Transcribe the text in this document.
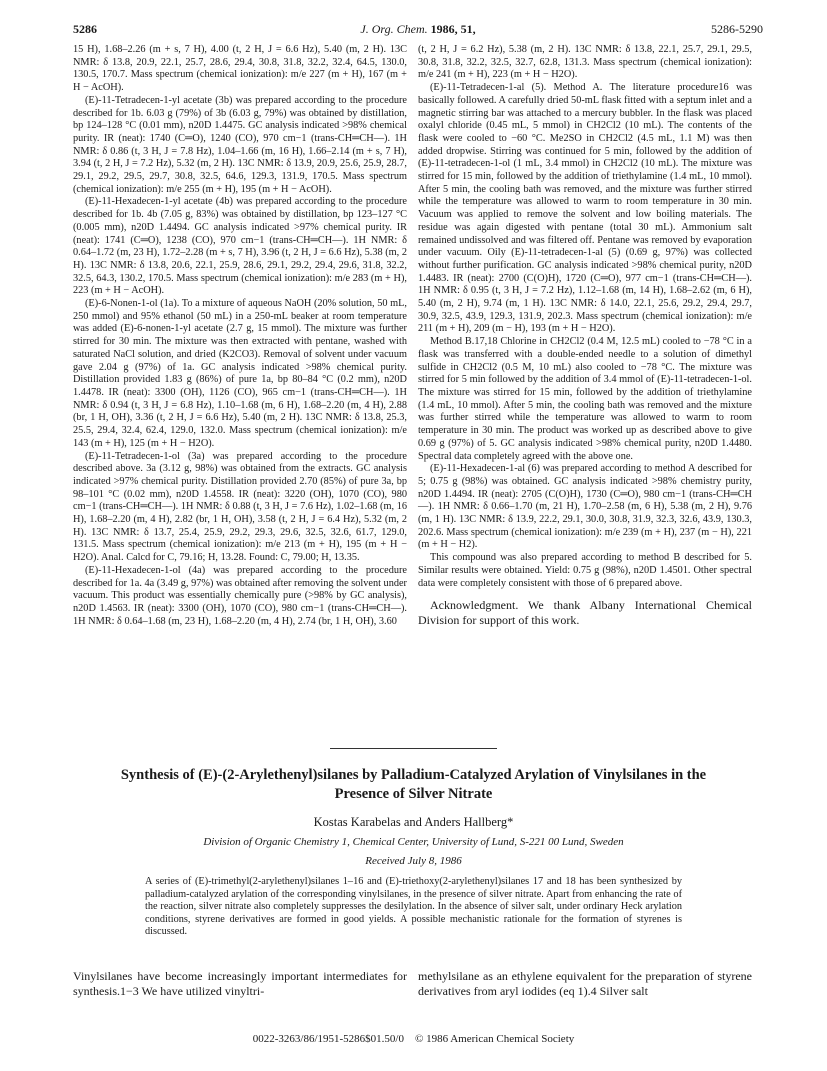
5286	J. Org. Chem. 1986, 51,	5286-5290

15 H), 1.68–2.26 (m + s, 7 H), 4.00 (t, 2 H, J = 6.6 Hz), 5.40 (m, 2 H). 13C NMR: δ 13.8, 20.9, 22.1, 25.7, 28.6, 29.4, 30.8, 31.8, 32.2, 32.4, 64.5, 130.0, 130.5, 170.7. Mass spectrum (chemical ionization): m/e 227 (m + H), 167 (m + H − AcOH).

(E)-11-Tetradecen-1-yl acetate (3b) was prepared according to the procedure described for 1b. 6.03 g (79%) of 3b (6.03 g, 79%) was obtained by distillation, bp 124–128 °C (0.01 mm), n20D 1.4475. GC analysis indicated >98% chemical purity. IR (neat): 1740 (C═O), 1240 (CO), 970 cm−1 (trans-CH═CH—). 1H NMR: δ 0.86 (t, 3 H, J = 7.8 Hz), 1.04–1.66 (m, 16 H), 1.66–2.14 (m + s, 7 H), 3.94 (t, 2 H, J = 7.2 Hz), 5.32 (m, 2 H). 13C NMR: δ 13.9, 20.9, 25.6, 25.9, 28.7, 29.1, 29.2, 29.5, 29.7, 30.8, 32.5, 64.6, 129.3, 131.9, 170.5. Mass spectrum (chemical ionization): m/e 255 (m + H), 195 (m + H − AcOH).

(E)-11-Hexadecen-1-yl acetate (4b) was prepared according to the procedure described for 1b. 4b (7.05 g, 83%) was obtained by distillation, bp 123–127 °C (0.005 mm), n20D 1.4494. GC analysis indicated >97% chemical purity. IR (neat): 1741 (C═O), 1238 (CO), 970 cm−1 (trans-CH═CH—). 1H NMR: δ 0.64–1.72 (m, 23 H), 1.72–2.28 (m + s, 7 H), 3.96 (t, 2 H, J = 6.6 Hz), 5.38 (m, 2 H). 13C NMR: δ 13.8, 20.6, 22.1, 25.9, 28.6, 29.1, 29.2, 29.4, 29.6, 31.8, 32.2, 32.5, 64.3, 130.2, 170.5. Mass spectrum (chemical ionization): m/e 283 (m + H), 223 (m + H − AcOH).

(E)-6-Nonen-1-ol (1a). To a mixture of aqueous NaOH (20% solution, 50 mL, 250 mmol) and 95% ethanol (50 mL) in a 250-mL beaker at room temperature was added (E)-6-nonen-1-yl acetate (2.7 g, 15 mmol). The mixture was further stirred for 30 min. The mixture was then extracted with pentane, washed with saturated NaCl solution, and dried (K2CO3). Removal of solvent under vacuum gave 2.04 g (97%) of 1a. GC analysis indicated >98% chemical purity. Distillation provided 1.83 g (86%) of pure 1a, bp 80–84 °C (0.2 mm), n20D 1.4478. IR (neat): 3300 (OH), 1126 (CO), 965 cm−1 (trans-CH═CH—). 1H NMR: δ 0.94 (t, 3 H, J = 6.8 Hz), 1.10–1.68 (m, 6 H), 1.68–2.20 (m, 4 H), 2.88 (br, 1 H, OH), 3.36 (t, 2 H, J = 6.6 Hz), 5.40 (m, 2 H). 13C NMR: δ 13.8, 25.3, 25.5, 29.4, 32.4, 62.4, 129.0, 132.0. Mass spectrum (chemical ionization): m/e 143 (m + H), 125 (m + H − H2O).

(E)-11-Tetradecen-1-ol (3a) was prepared according to the procedure described above. 3a (3.12 g, 98%) was obtained from the extracts. GC analysis indicated >97% chemical purity. Distillation provided 2.70 (85%) of pure 3a, bp 98–101 °C (0.02 mm), n20D 1.4558. IR (neat): 3220 (OH), 1070 (CO), 980 cm−1 (trans-CH═CH—). 1H NMR: δ 0.88 (t, 3 H, J = 7.6 Hz), 1.02–1.68 (m, 16 H), 1.68–2.20 (m, 4 H), 2.82 (br, 1 H, OH), 3.58 (t, 2 H, J = 6.4 Hz), 5.32 (m, 2 H). 13C NMR: δ 13.7, 25.4, 25.9, 29.2, 29.3, 29.6, 32.5, 32.6, 61.7, 129.0, 131.5. Mass spectrum (chemical ionization): m/e 213 (m + H), 195 (m + H − H2O). Anal. Calcd for C, 79.16; H, 13.28. Found: C, 79.00; H, 13.35.

(E)-11-Hexadecen-1-ol (4a) was prepared according to the procedure described for 1a. 4a (3.49 g, 97%) was obtained after removing the solvent under vacuum. This product was essentially chemically pure (>98% by GC analysis), n20D 1.4563. IR (neat): 3300 (OH), 1070 (CO), 980 cm−1 (trans-CH═CH—). 1H NMR: δ 0.64–1.68 (m, 23 H), 1.68–2.20 (m, 4 H), 2.74 (br, 1 H, OH), 3.60

(t, 2 H, J = 6.2 Hz), 5.38 (m, 2 H). 13C NMR: δ 13.8, 22.1, 25.7, 29.1, 29.5, 30.8, 31.8, 32.2, 32.5, 32.7, 62.8, 131.3. Mass spectrum (chemical ionization): m/e 241 (m + H), 223 (m + H − H2O).

(E)-11-Tetradecen-1-al (5). Method A. The literature procedure16 was basically followed. A carefully dried 50-mL flask fitted with a septum inlet and a magnetic stirring bar was attached to a mercury bubbler. In the flask was placed oxalyl chloride (0.45 mL, 5 mmol) in CH2Cl2 (10 mL). The contents of the flask were cooled to −60 °C. Me2SO in CH2Cl2 (4.5 mL, 1.1 M) was then added dropwise. Stirring was continued for 5 min, followed by the addition of (E)-11-tetradecen-1-ol (1 mL, 3.4 mmol) in CH2Cl2 (10 mL). The mixture was stirred for 15 min, followed by the addition of triethylamine (1.4 mL, 10 mmol). After 5 min, the cooling bath was removed, and the mixture was further stirred while the temperature was allowed to warm to room temperature in 30 min. Vacuum was applied to remove the solvent and low boiling materials. The residue was again digested with pentane (total 30 mL). Ammonium salt remained undissolved and was filtered off. Pentane was removed by evaporation under vacuum. Oily (E)-11-tetradecen-1-al (5) (0.69 g, 97%) was collected without further purification. GC analysis indicated >98% chemical purity, n20D 1.4483. IR (neat): 2700 (C(O)H), 1720 (C═O), 977 cm−1 (trans-CH═CH—). 1H NMR: δ 0.95 (t, 3 H, J = 7.2 Hz), 1.12–1.68 (m, 14 H), 1.68–2.62 (m, 6 H), 5.40 (m, 2 H), 9.74 (m, 1 H). 13C NMR: δ 14.0, 22.1, 25.6, 29.2, 29.4, 29.7, 30.9, 32.5, 43.9, 129.3, 131.9, 202.3. Mass spectrum (chemical ionization): m/e 211 (m + H), 209 (m − H), 193 (m + H − H2O).

Method B.17,18 Chlorine in CH2Cl2 (0.4 M, 12.5 mL) cooled to −78 °C in a flask was transferred with a double-ended needle to a solution of dimethyl sulfide in CH2Cl2 (0.5 M, 10 mL) also cooled to −78 °C. The mixture was stirred for 5 min followed by the addition of 3.4 mmol of (E)-11-tetradecen-1-ol. The mixture was stirred for 15 min, followed by the addition of triethylamine (1.4 mL, 10 mmol). After 5 min, the cooling bath was removed and the mixture was further stirred while the temperature was allowed to warm to room temperature in 30 min. The product was worked up as described above to give 0.69 g (97%) of 5. GC analysis indicated >98% chemical purity, n20D 1.4480. Spectral data completely agreed with the above one.

(E)-11-Hexadecen-1-al (6) was prepared according to method A described for 5; 0.75 g (98%) was obtained. GC analysis indicated >98% chemistry purity, n20D 1.4494. IR (neat): 2705 (C(O)H), 1730 (C═O), 980 cm−1 (trans-CH═CH—). 1H NMR: δ 0.66–1.70 (m, 21 H), 1.70–2.58 (m, 6 H), 5.38 (m, 2 H), 9.76 (m, 1 H). 13C NMR: δ 13.9, 22.2, 29.1, 30.0, 30.8, 31.9, 32.3, 32.6, 43.9, 130.3, 202.6. Mass spectrum (chemical ionization): m/e 239 (m + H), 237 (m − H), 221 (m + H − H2).

This compound was also prepared according to method B described for 5. Similar results were obtained. Yield: 0.75 g (98%), n20D 1.4501. Other spectral data were completely consistent with those of 6 prepared above.

Acknowledgment. We thank Albany International Chemical Division for support of this work.

Synthesis of (E)-(2-Arylethenyl)silanes by Palladium-Catalyzed Arylation of Vinylsilanes in the Presence of Silver Nitrate
Kostas Karabelas and Anders Hallberg*
Division of Organic Chemistry 1, Chemical Center, University of Lund, S-221 00 Lund, Sweden
Received July 8, 1986
A series of (E)-trimethyl(2-arylethenyl)silanes 1–16 and (E)-triethoxy(2-arylethenyl)silanes 17 and 18 has been synthesized by palladium-catalyzed arylation of the corresponding vinylsilanes, in the presence of silver nitrate. Apart from enhancing the rate of the reaction, silver nitrate also completely suppresses the desilylation. In the absence of silver salt, under ordinary Heck arylation conditions, styrene derivatives are formed in good yields. A possible mechanistic rationale for the formation of styrenes is discussed.
Vinylsilanes have become increasingly important intermediates for synthesis.1−3 We have utilized vinyltri-
methylsilane as an ethylene equivalent for the preparation of styrene derivatives from aryl iodides (eq 1).4 Silver salt
0022-3263/86/1951-5286$01.50/0 © 1986 American Chemical Society
